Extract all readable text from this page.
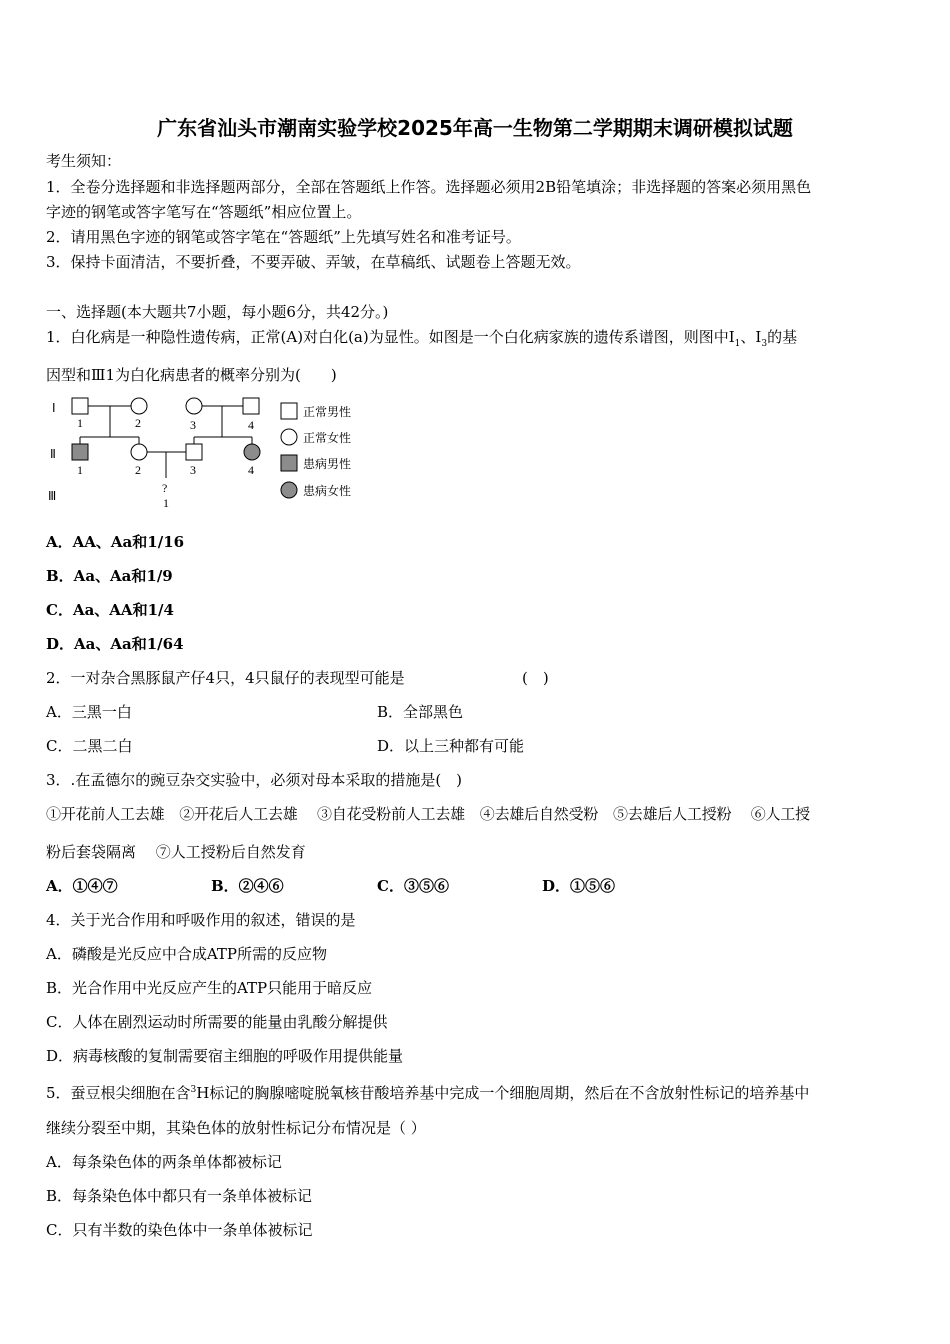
广东省汕头市潮南实验学校2025年高一生物第二学期期末调研模拟试题
考生须知：
1．全卷分选择题和非选择题两部分，全部在答题纸上作答。选择题必须用2B铅笔填涂；非选择题的答案必须用黑色
字迹的钢笔或答字笔写在“答题纸”相应位置上。
2．请用黑色字迹的钢笔或答字笔在“答题纸”上先填写姓名和准考证号。
3．保持卡面清洁，不要折叠，不要弄破、弄皱，在草稿纸、试题卷上答题无效。
一、选择题(本大题共7小题，每小题6分，共42分。)
1．白化病是一种隐性遗传病，正常(A)对白化(a)为显性。如图是一个白化病家族的遗传系谱图，则图中$Ⅰ_1$、$Ⅰ_3$的基
因型和Ⅲ1为白化病患者的概率分别为(　　)
Ⅰ
Ⅱ
Ⅲ
1	2	3	4
1	2	3	4
?
1
正常男性
正常女性
患病男性
患病女性
A．AA、Aa和1/16
B．Aa、Aa和1/9
C．Aa、AA和1/4
D．Aa、Aa和1/64
2．一对杂合黑豚鼠产仔4只，4只鼠仔的表现型可能是	(　)
A．三黑一白	B．全部黑色
C．二黑二白	D．以上三种都有可能
3．.在孟德尔的豌豆杂交实验中，必须对母本采取的措施是(　)
①开花前人工去雄　②开花后人工去雄　 ③自花受粉前人工去雄　④去雄后自然受粉　⑤去雄后人工授粉　 ⑥人工授
粉后套袋隔离　 ⑦人工授粉后自然发育
A．①④⑦	B．②④⑥	C．③⑤⑥	D．①⑤⑥
4．关于光合作用和呼吸作用的叙述，错误的是
A．磷酸是光反应中合成ATP所需的反应物
B．光合作用中光反应产生的ATP只能用于暗反应
C．人体在剧烈运动时所需要的能量由乳酸分解提供
D．病毒核酸的复制需要宿主细胞的呼吸作用提供能量
5．蚕豆根尖细胞在含$^3$H标记的胸腺嘧啶脱氧核苷酸培养基中完成一个细胞周期，然后在不含放射性标记的培养基中
继续分裂至中期，其染色体的放射性标记分布情况是（ ）
A．每条染色体的两条单体都被标记
B．每条染色体中都只有一条单体被标记
C．只有半数的染色体中一条单体被标记
